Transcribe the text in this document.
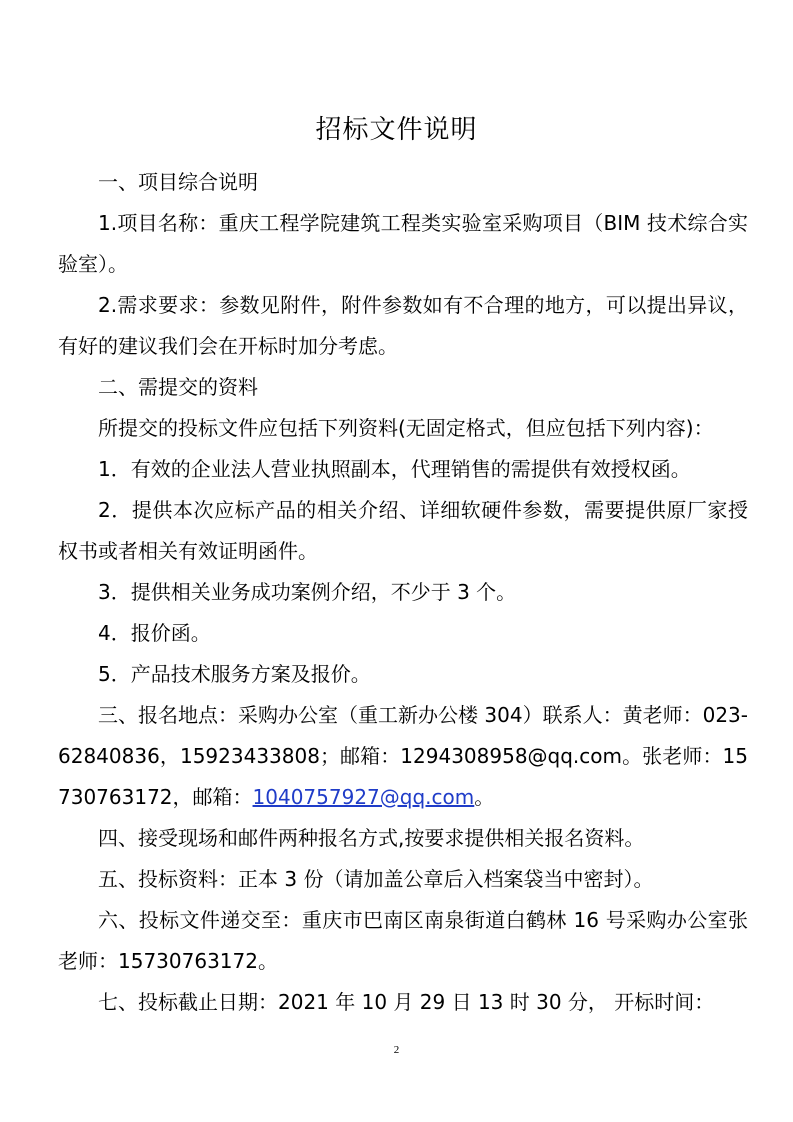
招标文件说明

一、项目综合说明

1.项目名称：重庆工程学院建筑工程类实验室采购项目（BIM 技术综合实验室）。

2.需求要求：参数见附件，附件参数如有不合理的地方，可以提出异议，有好的建议我们会在开标时加分考虑。

二、需提交的资料

所提交的投标文件应包括下列资料(无固定格式，但应包括下列内容)：

1．有效的企业法人营业执照副本，代理销售的需提供有效授权函。

2．提供本次应标产品的相关介绍、详细软硬件参数，需要提供原厂家授权书或者相关有效证明函件。

3．提供相关业务成功案例介绍，不少于 3 个。

4．报价函。

5．产品技术服务方案及报价。

三、报名地点：采购办公室（重工新办公楼 304）联系人：黄老师：023-62840836，15923433808；邮箱：1294308958@qq.com。张老师：15730763172，邮箱：1040757927@qq.com。

四、接受现场和邮件两种报名方式,按要求提供相关报名资料。

五、投标资料：正本 3 份（请加盖公章后入档案袋当中密封）。

六、投标文件递交至：重庆市巴南区南泉街道白鹤林 16 号采购办公室张老师：15730763172。

七、投标截止日期：2021 年 10 月 29 日 13 时 30 分， 开标时间：

2
